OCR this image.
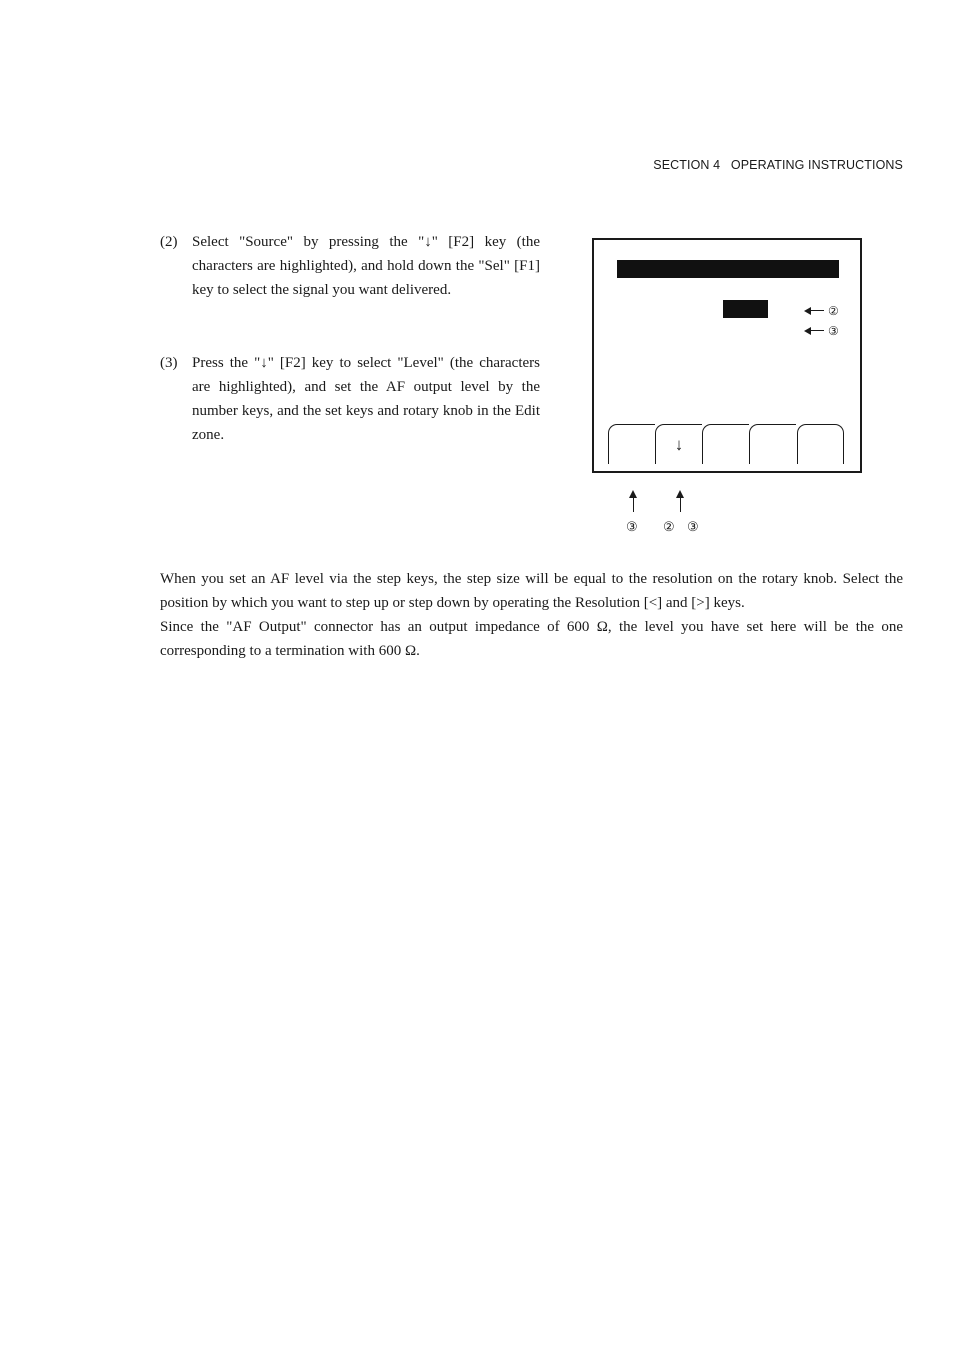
SECTION 4   OPERATING INSTRUCTIONS
(2) Select "Source" by pressing the "↓" [F2] key (the characters are highlighted), and hold down the "Sel" [F1] key to select the signal you want delivered.
(3) Press the "↓" [F2] key to select "Level" (the characters are highlighted), and set the AF output level by the number keys, and the set keys and rotary knob in the Edit zone.
②
③
↓
③ ② ③

When you set an AF level via the step keys, the step size will be equal to the resolution on the rotary knob. Select the position by which you want to step up or step down by operating the Resolution [<] and [>] keys.

Since the "AF Output" connector has an output impedance of 600 Ω, the level you have set here will be the one corresponding to a termination with 600 Ω.
